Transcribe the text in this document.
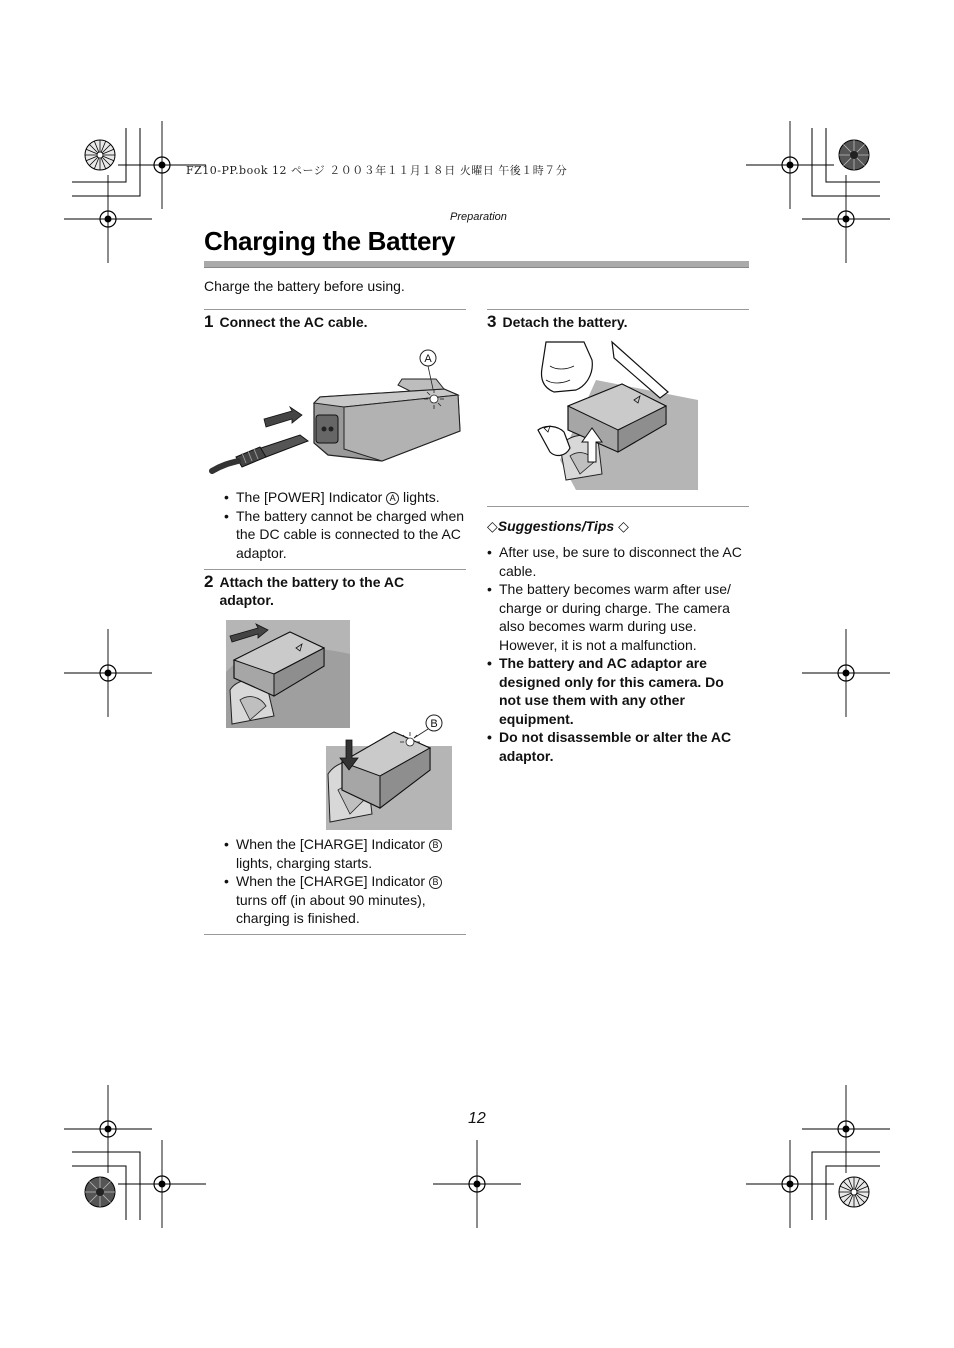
FZ10-PP.book 12 ページ ２００３年１１月１８日 火曜日 午後１時７分
Preparation
Charging the Battery
Charge the battery before using.
1 Connect the AC cable.
A
• The [POWER] Indicator A lights.
• The battery cannot be charged when the DC cable is connected to the AC adaptor.
2 Attach the battery to the AC adaptor.
B
• When the [CHARGE] Indicator B lights, charging starts.
• When the [CHARGE] Indicator B turns off (in about 90 minutes), charging is finished.
3 Detach the battery.
◇Suggestions/Tips ◇
• After use, be sure to disconnect the AC cable.
• The battery becomes warm after use/ charge or during charge. The camera also becomes warm during use. However, it is not a malfunction.
• The battery and AC adaptor are designed only for this camera. Do not use them with any other equipment.
• Do not disassemble or alter the AC adaptor.
12
